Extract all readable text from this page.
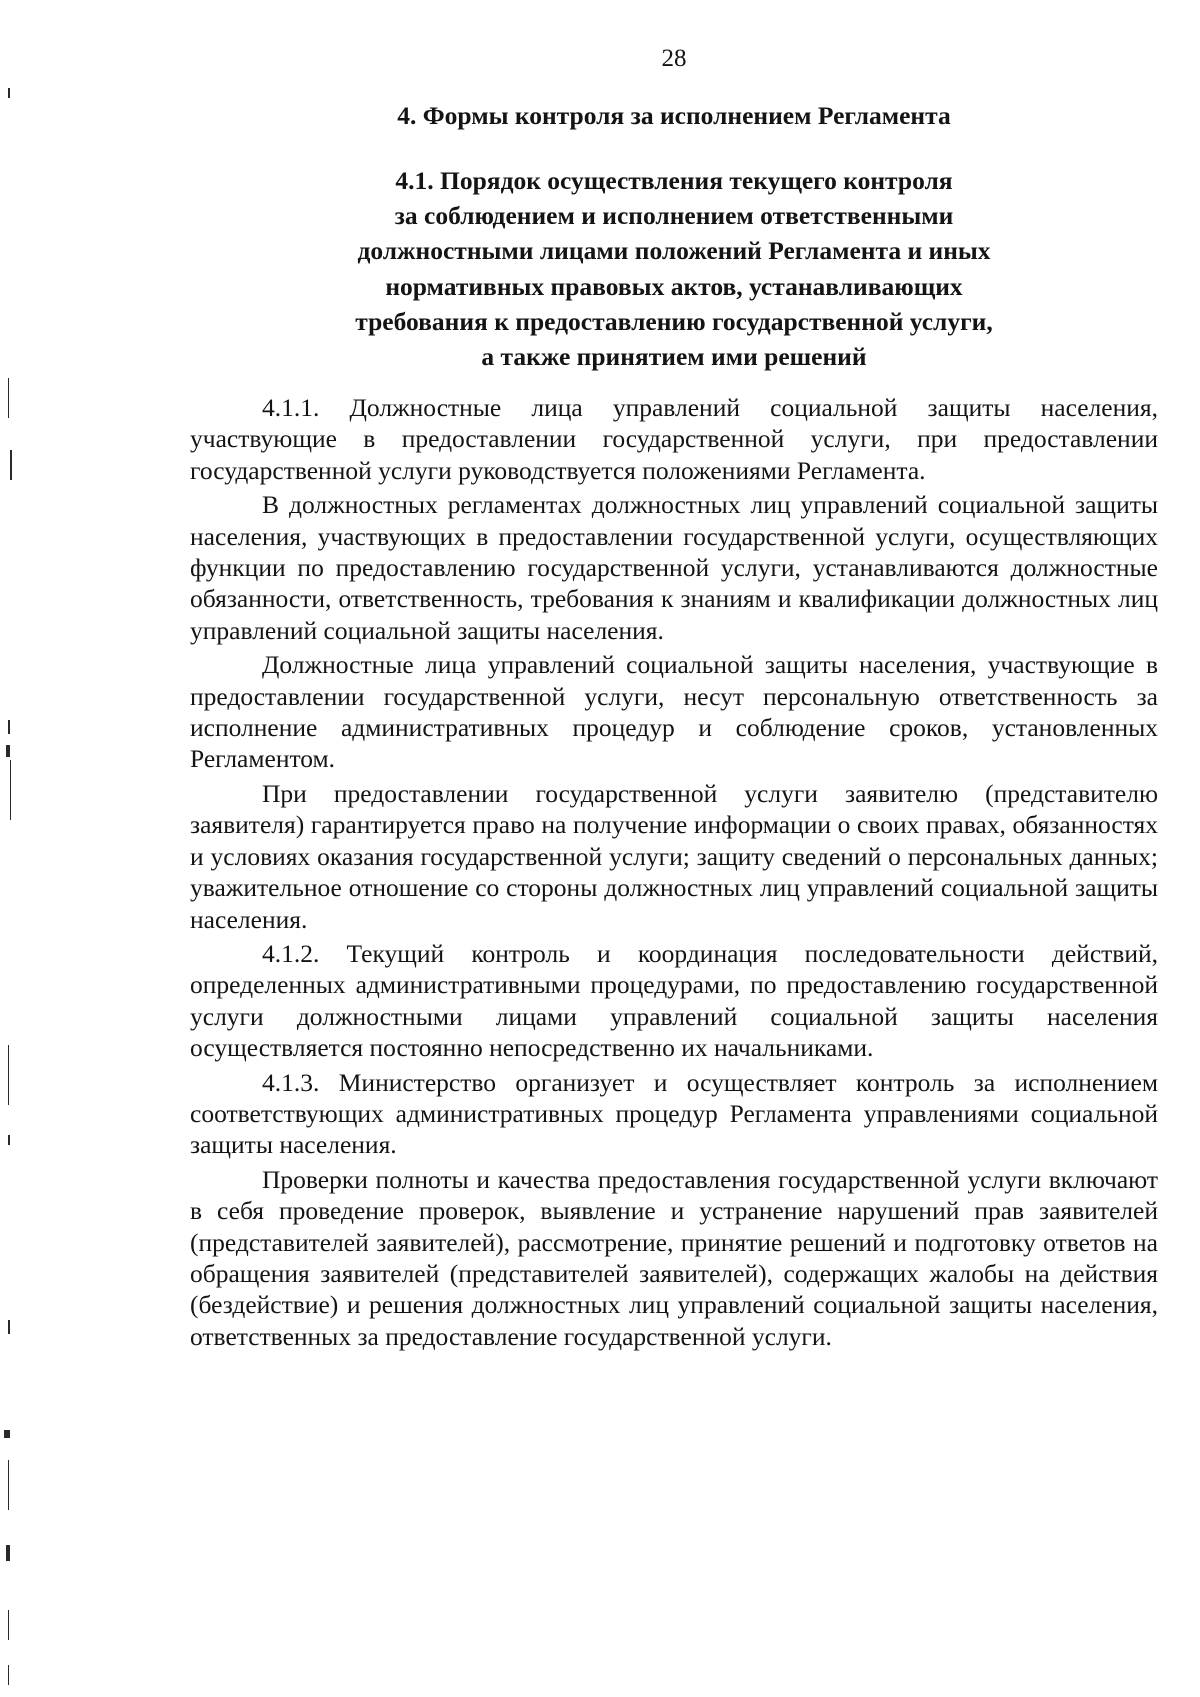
28
4. Формы контроля за исполнением Регламента
4.1. Порядок осуществления текущего контроля
за соблюдением и исполнением ответственными
должностными лицами положений Регламента и иных
нормативных правовых актов, устанавливающих
требования к предоставлению государственной услуги,
а также принятием ими решений

4.1.1. Должностные лица управлений социальной защиты населения, участвующие в предоставлении государственной услуги, при предоставлении государственной услуги руководствуется положениями Регламента.

В должностных регламентах должностных лиц управлений социальной защиты населения, участвующих в предоставлении государственной услуги, осуществляющих функции по предоставлению государственной услуги, устанавливаются должностные обязанности, ответственность, требования к знаниям и квалификации должностных лиц управлений социальной защиты населения.

Должностные лица управлений социальной защиты населения, участвующие в предоставлении государственной услуги, несут персональную ответственность за исполнение административных процедур и соблюдение сроков, установленных Регламентом.

При предоставлении государственной услуги заявителю (представителю заявителя) гарантируется право на получение информации о своих правах, обязанностях и условиях оказания государственной услуги; защиту сведений о персональных данных; уважительное отношение со стороны должностных лиц управлений социальной защиты населения.

4.1.2. Текущий контроль и координация последовательности действий, определенных административными процедурами, по предоставлению государственной услуги должностными лицами управлений социальной защиты населения осуществляется постоянно непосредственно их начальниками.

4.1.3. Министерство организует и осуществляет контроль за исполнением соответствующих административных процедур Регламента управлениями социальной защиты населения.

Проверки полноты и качества предоставления государственной услуги включают в себя проведение проверок, выявление и устранение нарушений прав заявителей (представителей заявителей), рассмотрение, принятие решений и подготовку ответов на обращения заявителей (представителей заявителей), содержащих жалобы на действия (бездействие) и решения должностных лиц управлений социальной защиты населения, ответственных за предоставление государственной услуги.
